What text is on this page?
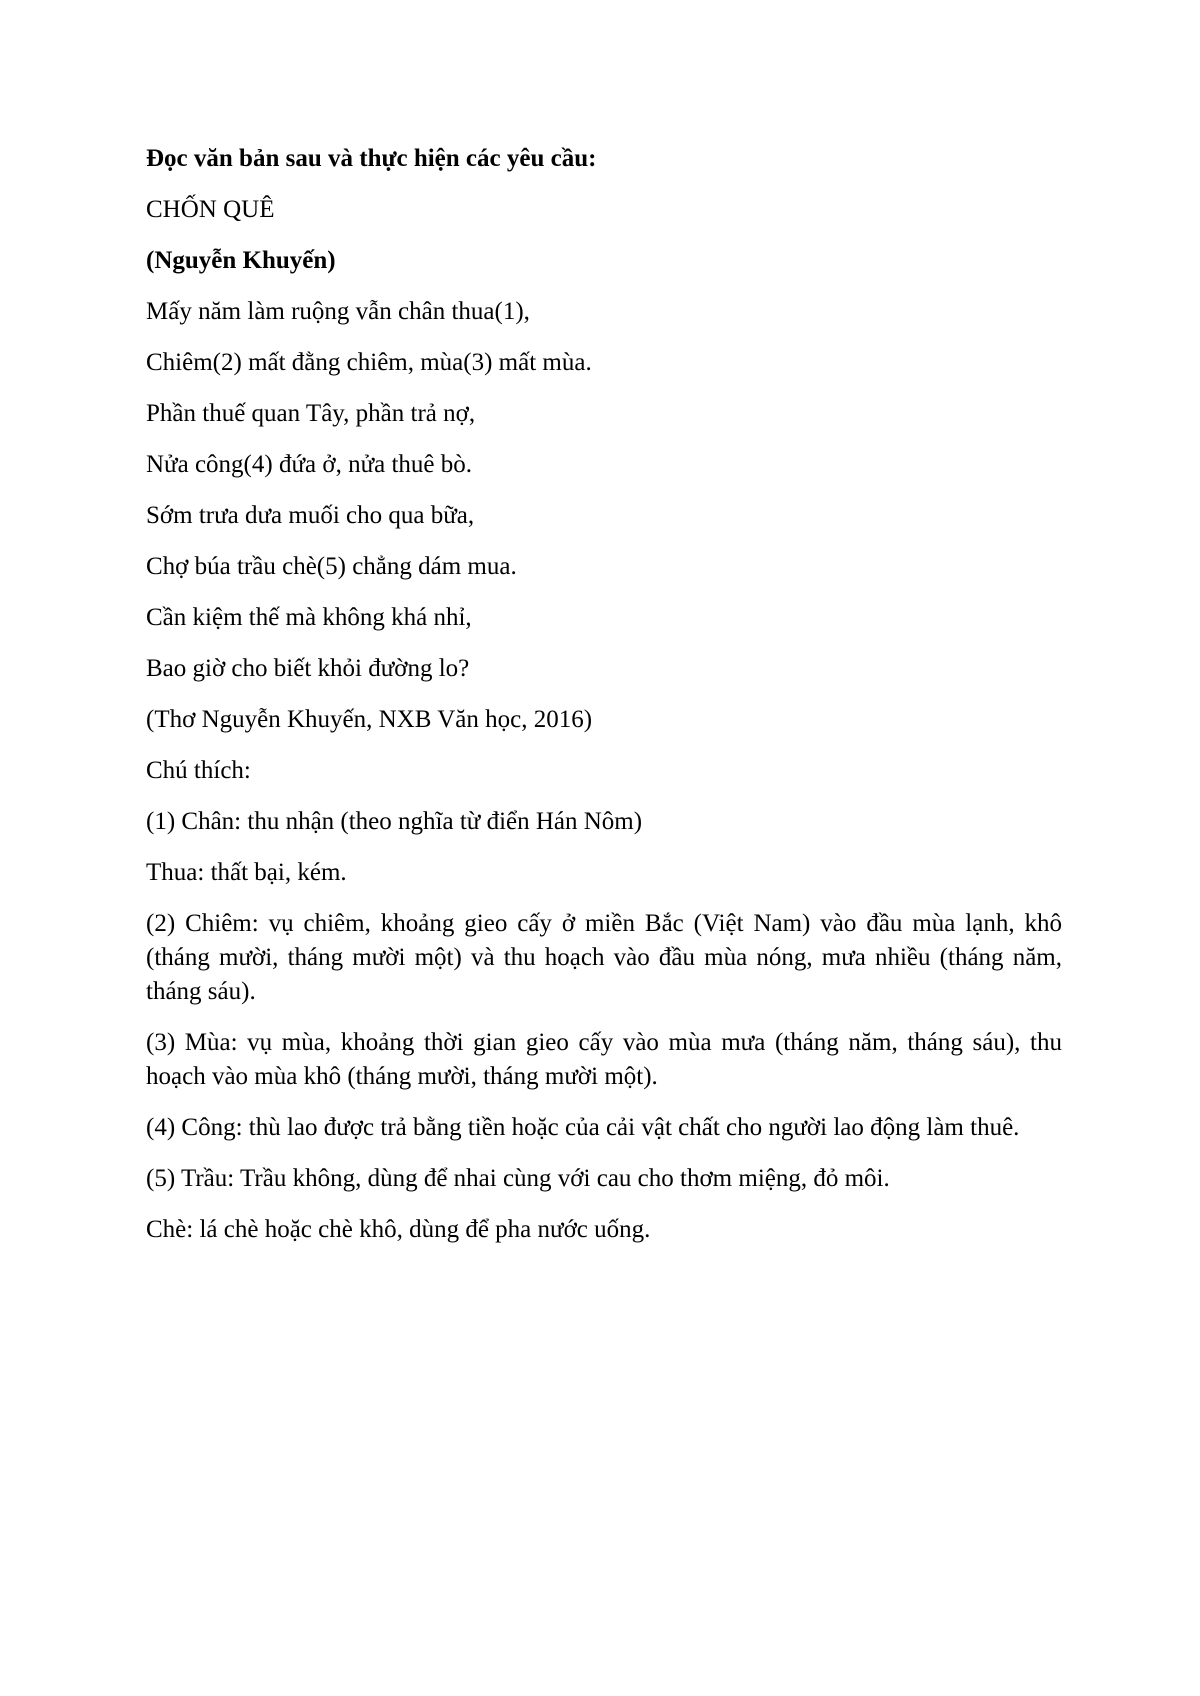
Đọc văn bản sau và thực hiện các yêu cầu:

CHỐN QUÊ

(Nguyễn Khuyến)

Mấy năm làm ruộng vẫn chân thua(1),

Chiêm(2) mất đằng chiêm, mùa(3) mất mùa.

Phần thuế quan Tây, phần trả nợ,

Nửa công(4) đứa ở, nửa thuê bò.

Sớm trưa dưa muối cho qua bữa,

Chợ búa trầu chè(5) chẳng dám mua.

Cần kiệm thế mà không khá nhỉ,

Bao giờ cho biết khỏi đường lo?

(Thơ Nguyễn Khuyến, NXB Văn học, 2016)

Chú thích:

(1) Chân: thu nhận (theo nghĩa từ điển Hán Nôm)

Thua: thất bại, kém.

(2) Chiêm: vụ chiêm, khoảng gieo cấy ở miền Bắc (Việt Nam) vào đầu mùa lạnh, khô (tháng mười, tháng mười một) và thu hoạch vào đầu mùa nóng, mưa nhiều (tháng năm, tháng sáu).

(3) Mùa: vụ mùa, khoảng thời gian gieo cấy vào mùa mưa (tháng năm, tháng sáu), thu hoạch vào mùa khô (tháng mười, tháng mười một).

(4) Công: thù lao được trả bằng tiền hoặc của cải vật chất cho người lao động làm thuê.

(5) Trầu: Trầu không, dùng để nhai cùng với cau cho thơm miệng, đỏ môi.

Chè: lá chè hoặc chè khô, dùng để pha nước uống.
